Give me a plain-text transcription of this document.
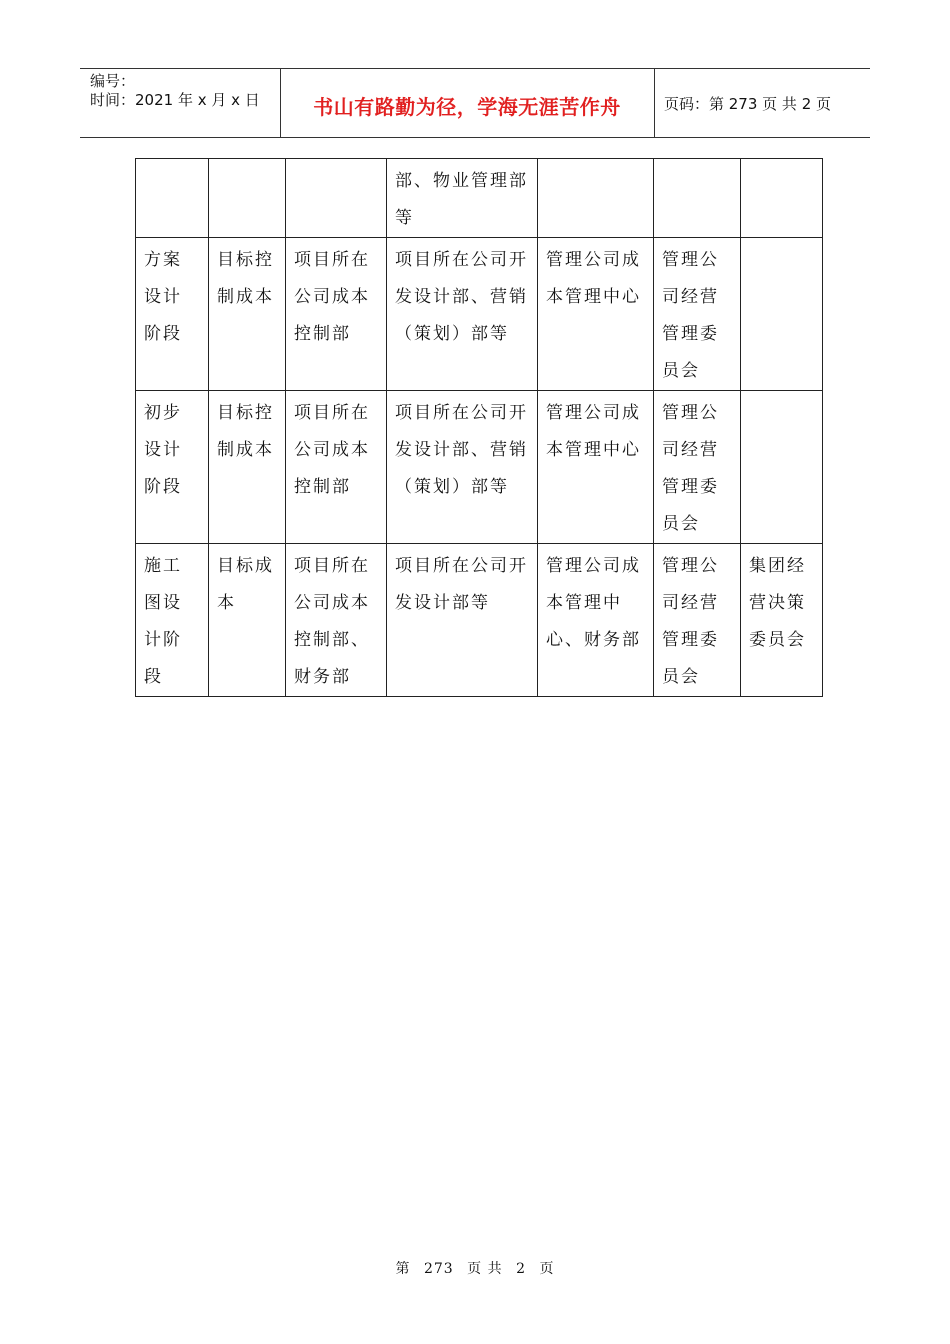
编号：
时间：2021 年 x 月 x 日	书山有路勤为径，学海无涯苦作舟	页码：第 273 页 共 2 页
			部、物业管理部等			
方案设计阶段	目标控制成本	项目所在公司成本控制部	项目所在公司开发设计部、营销（策划）部等	管理公司成本管理中心	管理公司经营管理委员会	
初步设计阶段	目标控制成本	项目所在公司成本控制部	项目所在公司开发设计部、营销（策划）部等	管理公司成本管理中心	管理公司经营管理委员会	
施工图设计阶段	目标成本	项目所在公司成本控制部、财务部	项目所在公司开发设计部等	管理公司成本管理中心、财务部	管理公司经营管理委员会	集团经营决策委员会
第 273 页 共 2 页
